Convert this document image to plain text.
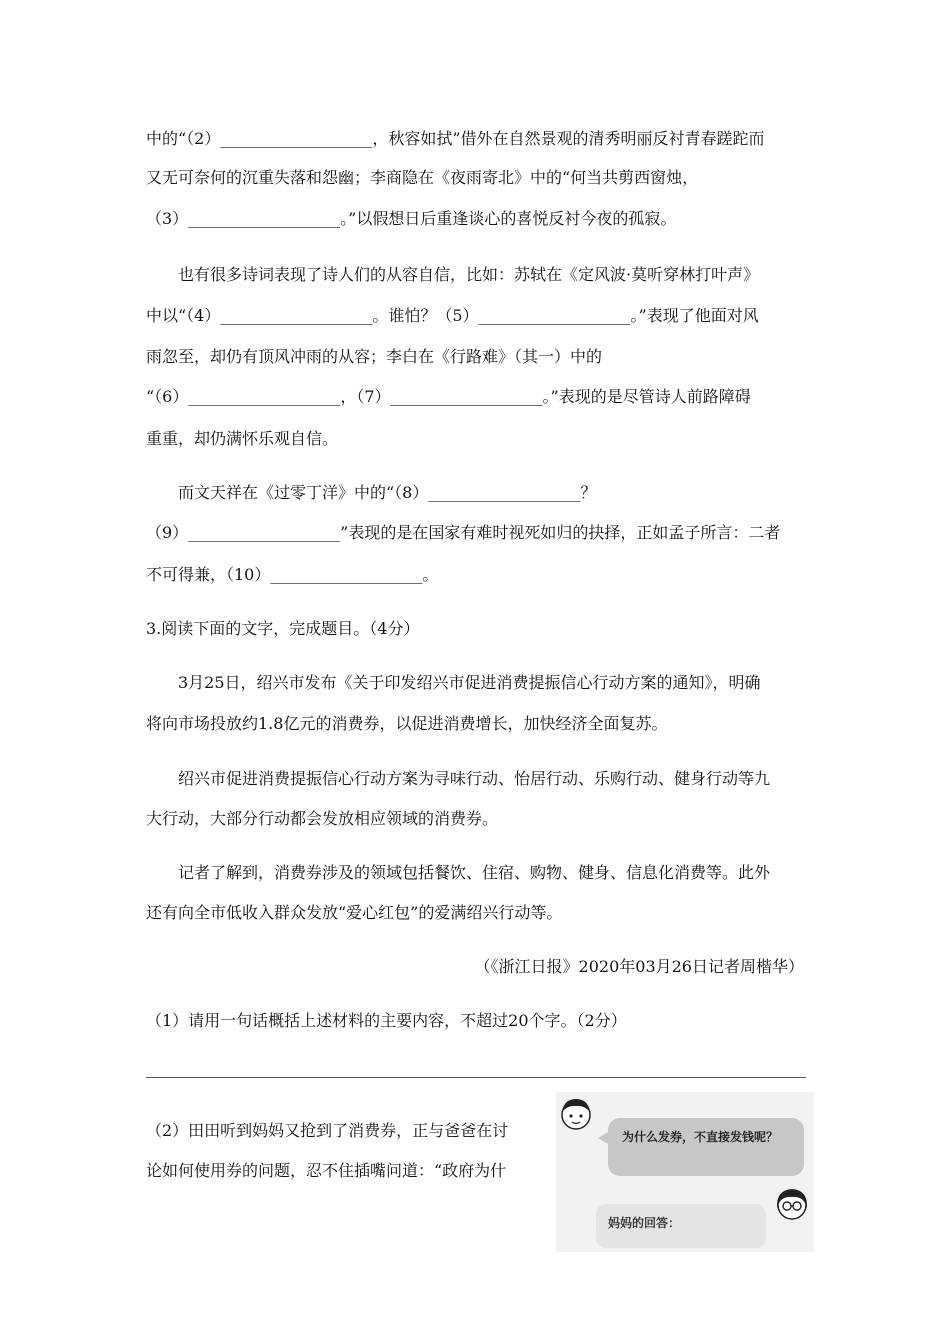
中的“（2）___________________，秋容如拭”借外在自然景观的清秀明丽反衬青春蹉跎而
又无可奈何的沉重失落和怨幽；李商隐在《夜雨寄北》中的“何当共剪西窗烛，
（3）___________________。”以假想日后重逢谈心的喜悦反衬今夜的孤寂。
也有很多诗词表现了诗人们的从容自信，比如：苏轼在《定风波·莫听穿林打叶声》
中以“（4）___________________。谁怕？（5）___________________。”表现了他面对风
雨忽至，却仍有顶风冲雨的从容；李白在《行路难》（其一）中的
“（6）___________________，（7）___________________。”表现的是尽管诗人前路障碍
重重，却仍满怀乐观自信。
而文天祥在《过零丁洋》中的“（8）___________________？
（9）___________________”表现的是在国家有难时视死如归的抉择，正如孟子所言：二者
不可得兼，（10）___________________。
3.阅读下面的文字，完成题目。（4分）
3月25日，绍兴市发布《关于印发绍兴市促进消费提振信心行动方案的通知》，明确
将向市场投放约1.8亿元的消费券，以促进消费增长，加快经济全面复苏。
绍兴市促进消费提振信心行动方案为寻味行动、怡居行动、乐购行动、健身行动等九
大行动，大部分行动都会发放相应领域的消费券。
记者了解到，消费券涉及的领域包括餐饮、住宿、购物、健身、信息化消费等。此外
还有向全市低收入群众发放“爱心红包”的爱满绍兴行动等。
（《浙江日报》2020年03月26日记者周楷华）
（1）请用一句话概括上述材料的主要内容，不超过20个字。（2分）
（2）田田听到妈妈又抢到了消费券，正与爸爸在讨
论如何使用券的问题，忍不住插嘴问道：“政府为什
为什么发券，不直接发钱呢？
妈妈的回答：
